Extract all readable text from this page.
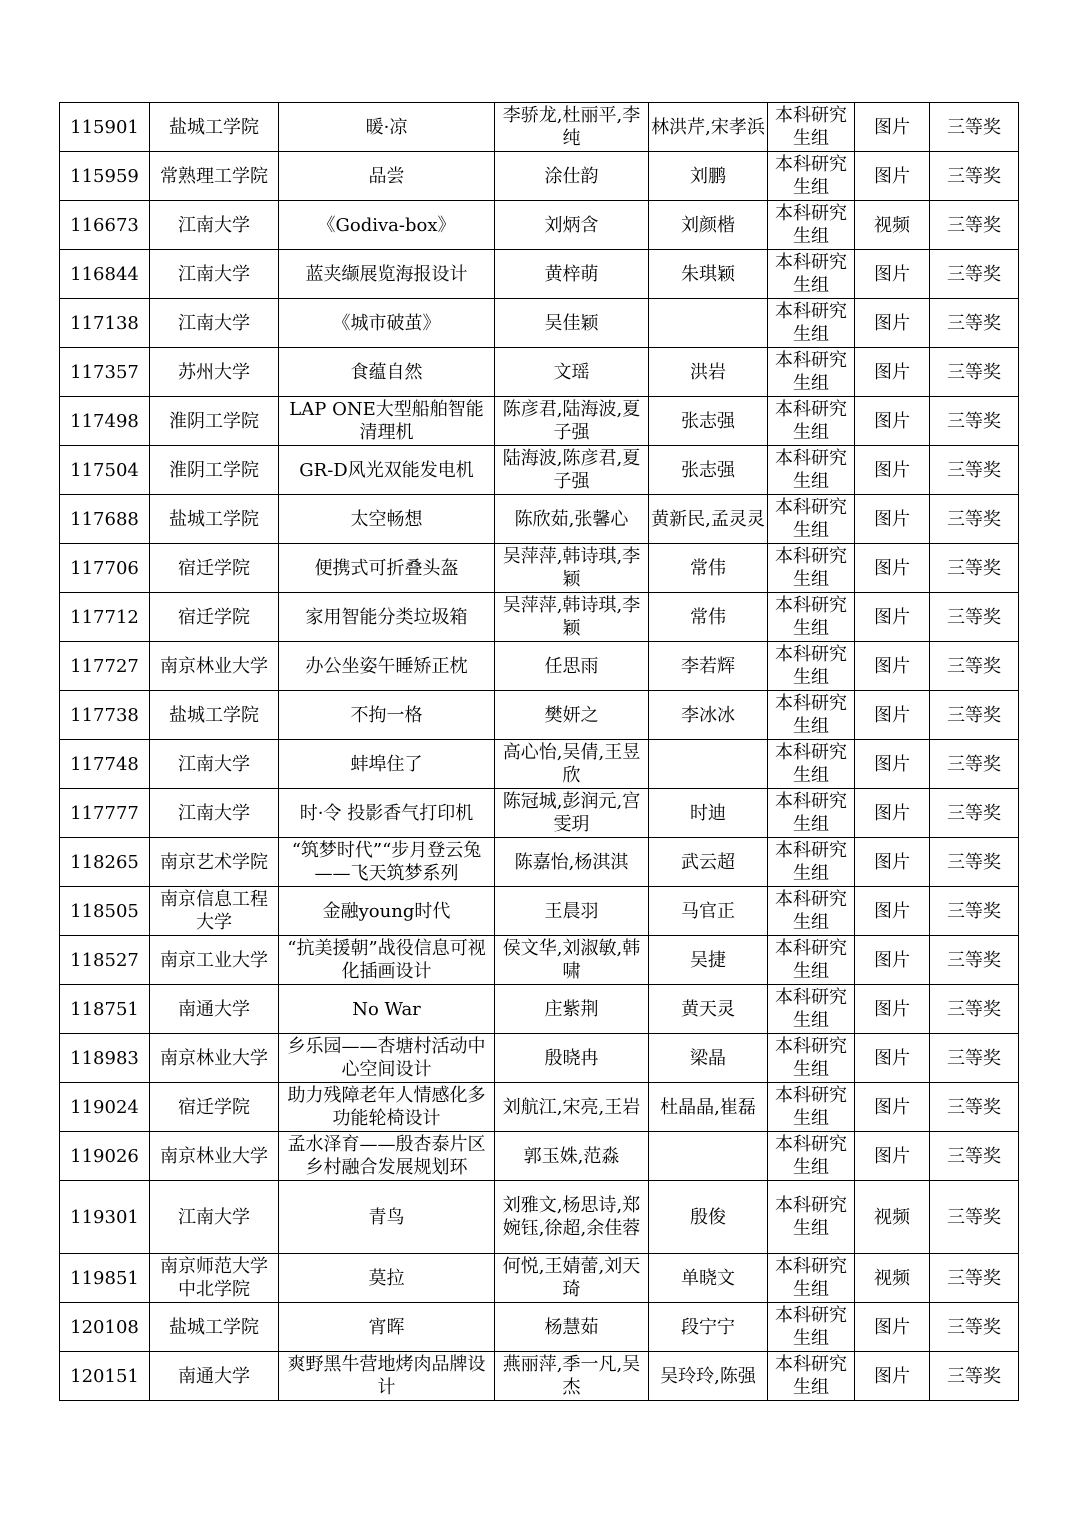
115901	盐城工学院	暖·凉	李骄龙,杜丽平,李纯	林洪芹,宋孝浜	本科研究生组	图片	三等奖
115959	常熟理工学院	品尝	涂仕韵	刘鹏	本科研究生组	图片	三等奖
116673	江南大学	《Godiva-box》	刘炳含	刘颜楷	本科研究生组	视频	三等奖
116844	江南大学	蓝夹缬展览海报设计	黄梓萌	朱琪颖	本科研究生组	图片	三等奖
117138	江南大学	《城市破茧》	吴佳颖		本科研究生组	图片	三等奖
117357	苏州大学	食蕴自然	文瑶	洪岩	本科研究生组	图片	三等奖
117498	淮阴工学院	LAP ONE大型船舶智能清理机	陈彦君,陆海波,夏子强	张志强	本科研究生组	图片	三等奖
117504	淮阴工学院	GR-D风光双能发电机	陆海波,陈彦君,夏子强	张志强	本科研究生组	图片	三等奖
117688	盐城工学院	太空畅想	陈欣茹,张馨心	黄新民,孟灵灵	本科研究生组	图片	三等奖
117706	宿迁学院	便携式可折叠头盔	吴萍萍,韩诗琪,李颖	常伟	本科研究生组	图片	三等奖
117712	宿迁学院	家用智能分类垃圾箱	吴萍萍,韩诗琪,李颖	常伟	本科研究生组	图片	三等奖
117727	南京林业大学	办公坐姿午睡矫正枕	任思雨	李若辉	本科研究生组	图片	三等奖
117738	盐城工学院	不拘一格	樊妍之	李冰冰	本科研究生组	图片	三等奖
117748	江南大学	蚌埠住了	高心怡,吴倩,王昱欣		本科研究生组	图片	三等奖
117777	江南大学	时·令 投影香气打印机	陈冠城,彭润元,宫雯玥	时迪	本科研究生组	图片	三等奖
118265	南京艺术学院	“筑梦时代”“步月登云兔——飞天筑梦系列	陈嘉怡,杨淇淇	武云超	本科研究生组	图片	三等奖
118505	南京信息工程大学	金融young时代	王晨羽	马官正	本科研究生组	图片	三等奖
118527	南京工业大学	“抗美援朝”战役信息可视化插画设计	侯文华,刘淑敏,韩啸	吴捷	本科研究生组	图片	三等奖
118751	南通大学	No War	庄紫荆	黄天灵	本科研究生组	图片	三等奖
118983	南京林业大学	乡乐园——杏塘村活动中心空间设计	殷晓冉	梁晶	本科研究生组	图片	三等奖
119024	宿迁学院	助力残障老年人情感化多功能轮椅设计	刘航江,宋亮,王岩	杜晶晶,崔磊	本科研究生组	图片	三等奖
119026	南京林业大学	孟水泽育——殷杏泰片区乡村融合发展规划环	郭玉姝,范淼		本科研究生组	图片	三等奖
119301	江南大学	青鸟	刘雅文,杨思诗,郑婉钰,徐超,余佳蓉	殷俊	本科研究生组	视频	三等奖
119851	南京师范大学中北学院	莫拉	何悦,王婧蕾,刘天琦	单晓文	本科研究生组	视频	三等奖
120108	盐城工学院	宵晖	杨慧茹	段宁宁	本科研究生组	图片	三等奖
120151	南通大学	爽野黑牛营地烤肉品牌设计	燕丽萍,季一凡,吴杰	吴玲玲,陈强	本科研究生组	图片	三等奖
